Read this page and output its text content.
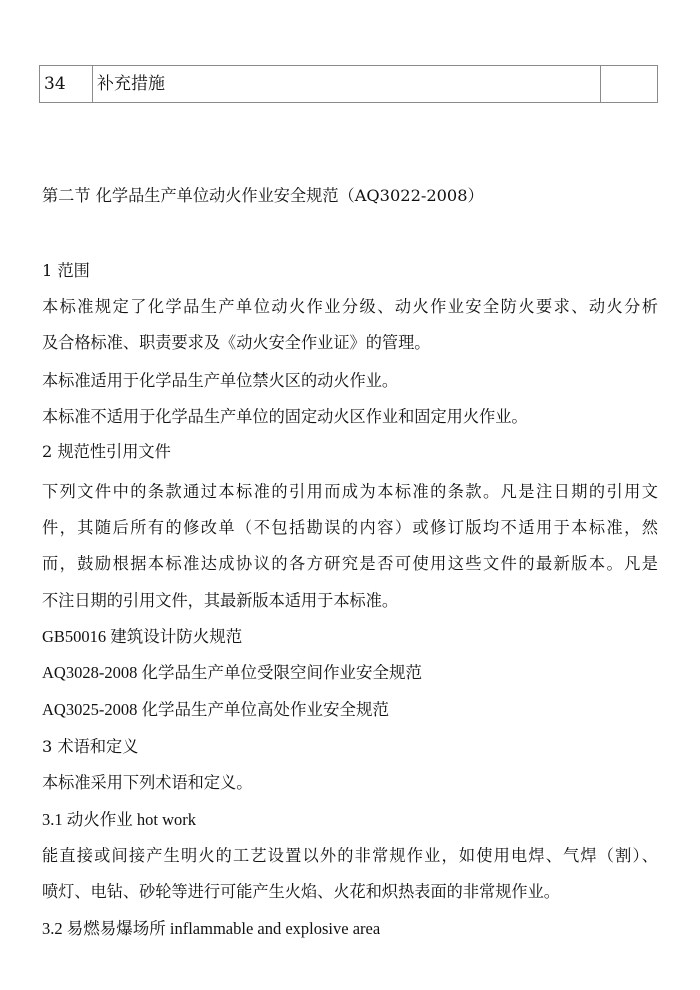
34	补充措施	
第二节 化学品生产单位动火作业安全规范（AQ3022-2008）
1 范围
本标准规定了化学品生产单位动火作业分级、动火作业安全防火要求、动火分析
及合格标准、职责要求及《动火安全作业证》的管理。
本标准适用于化学品生产单位禁火区的动火作业。
本标准不适用于化学品生产单位的固定动火区作业和固定用火作业。
2 规范性引用文件
下列文件中的条款通过本标准的引用而成为本标准的条款。凡是注日期的引用文
件，其随后所有的修改单（不包括勘误的内容）或修订版均不适用于本标准，然
而，鼓励根据本标准达成协议的各方研究是否可使用这些文件的最新版本。凡是
不注日期的引用文件，其最新版本适用于本标准。
GB50016 建筑设计防火规范
AQ3028-2008 化学品生产单位受限空间作业安全规范
AQ3025-2008 化学品生产单位高处作业安全规范
3 术语和定义
本标准采用下列术语和定义。
3.1 动火作业 hot work
能直接或间接产生明火的工艺设置以外的非常规作业，如使用电焊、气焊（割）、
喷灯、电钻、砂轮等进行可能产生火焰、火花和炽热表面的非常规作业。
3.2 易燃易爆场所 inflammable and explosive area
